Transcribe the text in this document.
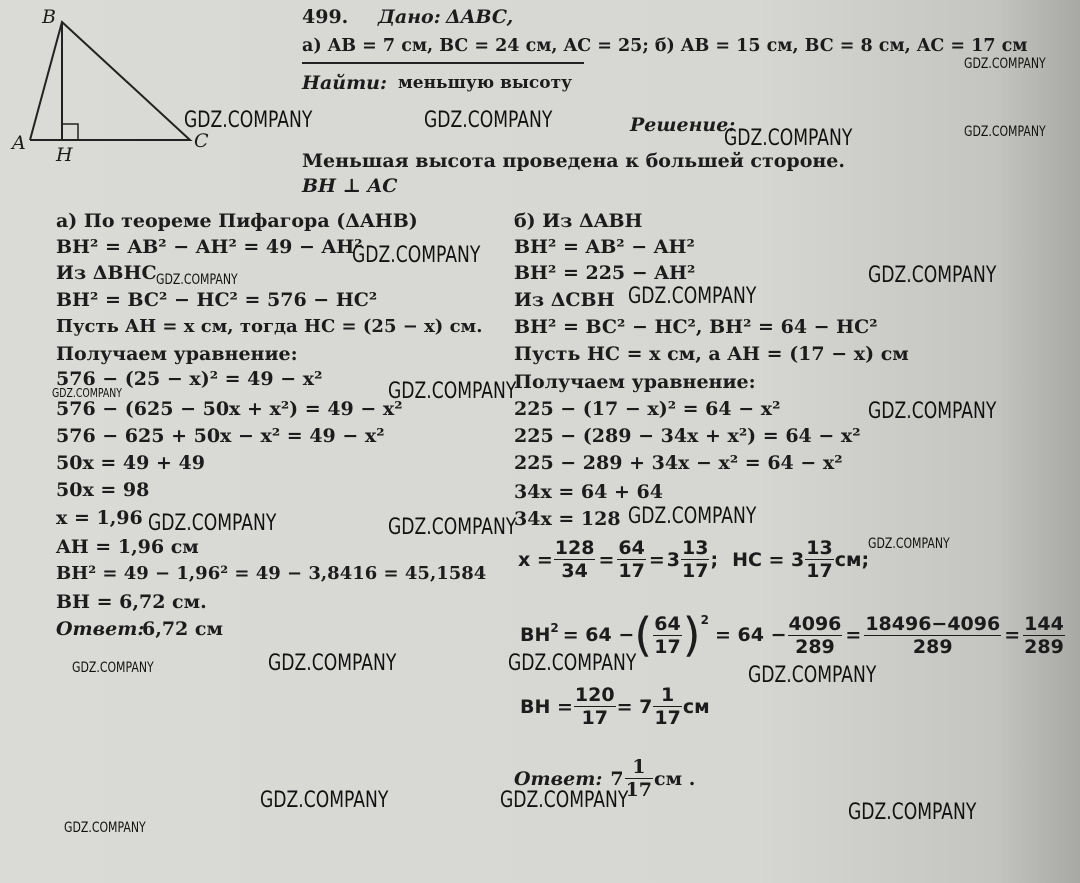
B
A
H
C
499. Дано: ΔABC,
а) AB = 7 см, BC = 24 см, AC = 25; б) AB = 15 см, BC = 8 см, AC = 17 см
Найти: меньшую высоту
Решение:
Меньшая высота проведена к большей стороне.
BH ⊥ AC
а) По теореме Пифагора (ΔAHB)
BH² = AB² − AH² = 49 − AH²
Из ΔBHC
BH² = BC² − HC² = 576 − HC²
Пусть AH = x см, тогда HC = (25 − x) см.
Получаем уравнение:
576 − (25 − x)² = 49 − x²
576 − (625 − 50x + x²) = 49 − x²
576 − 625 + 50x − x² = 49 − x²
50x = 49 + 49
50x = 98
x = 1,96
AH = 1,96 см
BH² = 49 − 1,96² = 49 − 3,8416 = 45,1584
BH = 6,72 см.
Ответ:
6,72 см
б) Из ΔABH
BH² = AB² − AH²
BH² = 225 − AH²
Из ΔCBH
BH² = BC² − HC², BH² = 64 − HC²
Пусть HC = x см, а AH = (17 − x) см
Получаем уравнение:
225 − (17 − x)² = 64 − x²
225 − (289 − 34x + x²) = 64 − x²
225 − 289 + 34x − x² = 64 − x²
34x = 64 + 64
34x = 128
$x = \frac{128}{34} = \frac{64}{17} = 3 \frac{13}{17}$ ; HC = $3 \frac{13}{17}$ см;
$BH^2 = 64$ − ( $\frac{64}{17} )^2$
= $64 - \frac{4096}{289} = \frac{18496-4096}{289} = \frac{144}{289}$
BH = $\frac{120}{17} = 7 \frac{1}{17}$ см
Ответ: $7 \frac{1}{17}$ см .
GDZ.COMPANY	GDZ.COMPANY
GDZ.COMPANY
GDZ.COMPANY
GDZ.COMPANY
GDZ.COMPANY
GDZ.COMPANY
GDZ.COMPANY
GDZ.COMPANY
GDZ.COMPANY	GDZ.COMPANY
GDZ.COMPANY
GDZ.COMPANY	GDZ.COMPANY	GDZ.COMPANY
GDZ.COMPANY
GDZ.COMPANY	GDZ.COMPANY	GDZ.COMPANY	GDZ.COMPANY
GDZ.COMPANY	GDZ.COMPANY	GDZ.COMPANY
GDZ.COMPANY
